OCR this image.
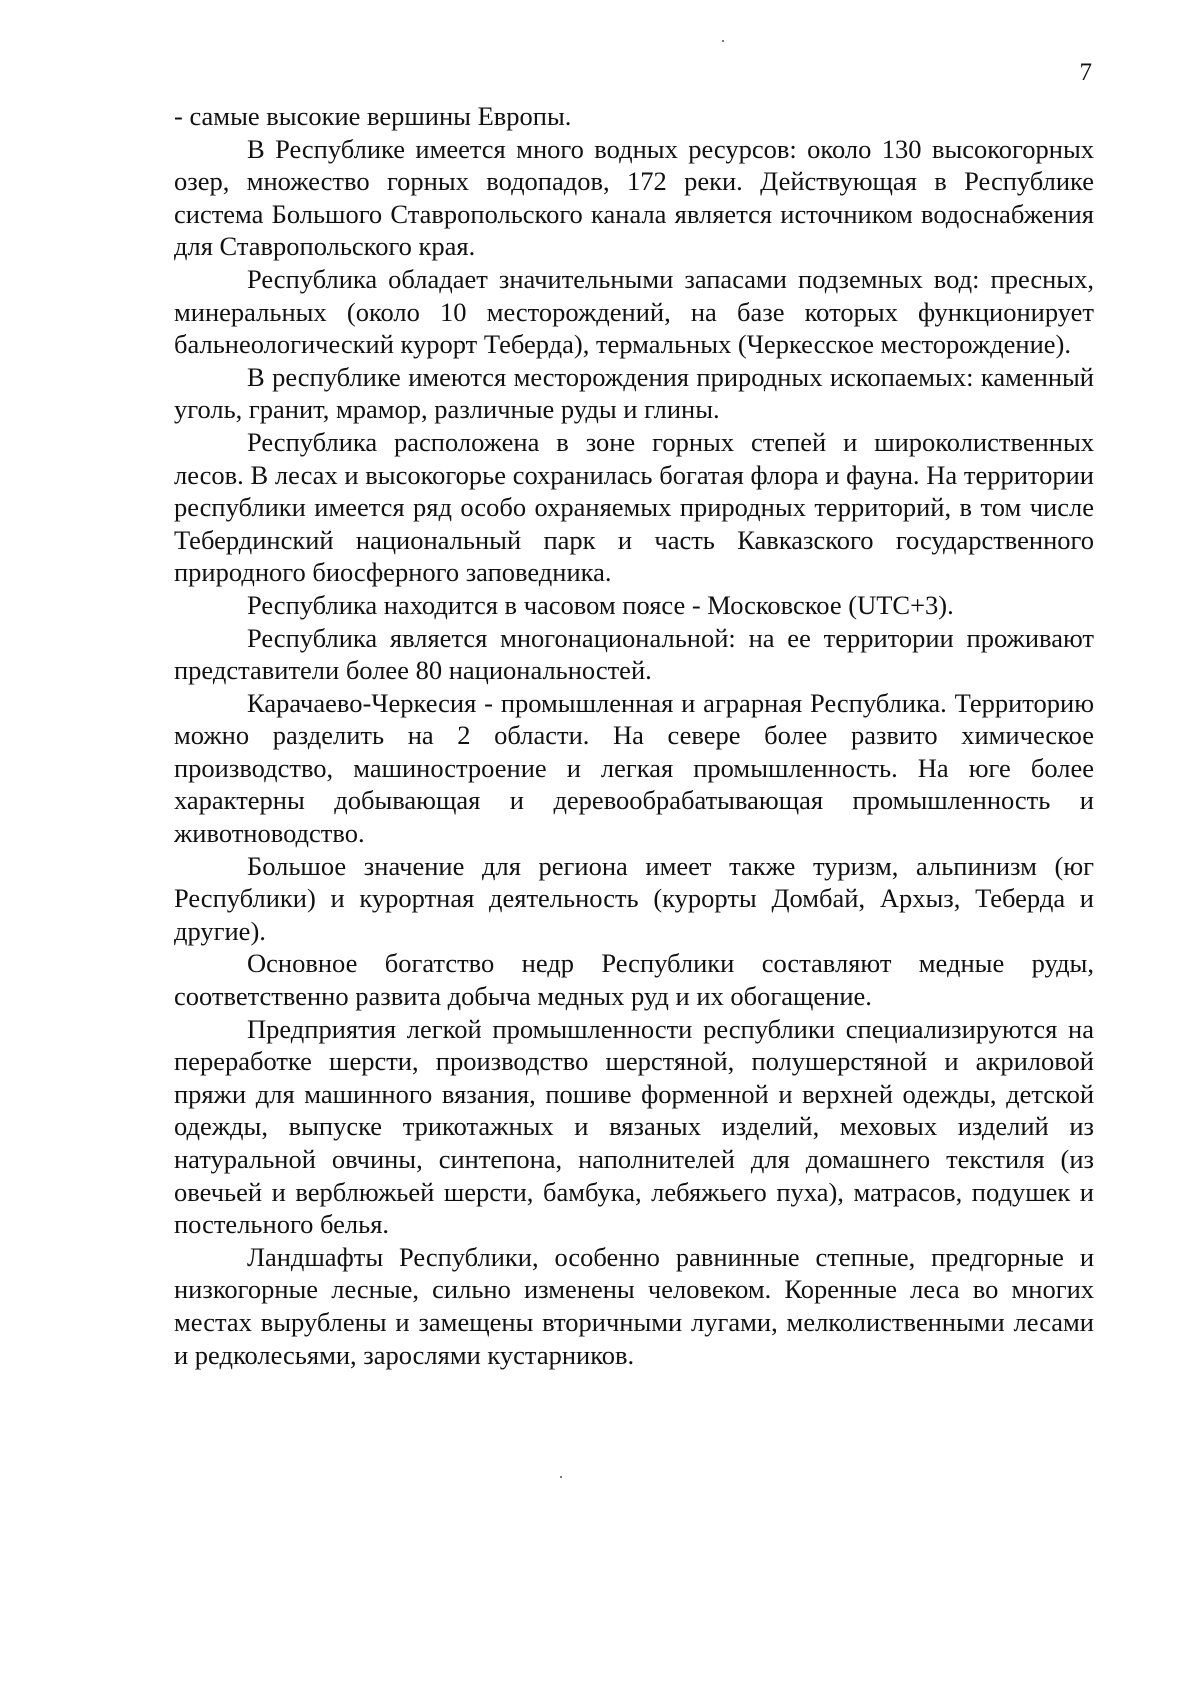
7

- самые высокие вершины Европы.

В Республике имеется много водных ресурсов: около 130 высокогорных озер, множество горных водопадов, 172 реки. Действующая в Республике система Большого Ставропольского канала является источником водоснабжения для Ставропольского края.

Республика обладает значительными запасами подземных вод: пресных, минеральных (около 10 месторождений, на базе которых функционирует бальнеологический курорт Теберда), термальных (Черкесское месторождение).

В республике имеются месторождения природных ископаемых: каменный уголь, гранит, мрамор, различные руды и глины.

Республика расположена в зоне горных степей и широколиственных лесов. В лесах и высокогорье сохранилась богатая флора и фауна. На территории республики имеется ряд особо охраняемых природных территорий, в том числе Тебердинский национальный парк и часть Кавказского государственного природного биосферного заповедника.

Республика находится в часовом поясе - Московское (UTC+3).

Республика является многонациональной: на ее территории проживают представители более 80 национальностей.

Карачаево-Черкесия - промышленная и аграрная Республика. Территорию можно разделить на 2 области. На севере более развито химическое производство, машиностроение и легкая промышленность. На юге более характерны добывающая и деревообрабатывающая промышленность и животноводство.

Большое значение для региона имеет также туризм, альпинизм (юг Республики) и курортная деятельность (курорты Домбай, Архыз, Теберда и другие).

Основное богатство недр Республики составляют медные руды, соответственно развита добыча медных руд и их обогащение.

Предприятия легкой промышленности республики специализируются на переработке шерсти, производство шерстяной, полушерстяной и акриловой пряжи для машинного вязания, пошиве форменной и верхней одежды, детской одежды, выпуске трикотажных и вязаных изделий, меховых изделий из натуральной овчины, синтепона, наполнителей для домашнего текстиля (из овечьей и верблюжьей шерсти, бамбука, лебяжьего пуха), матрасов, подушек и постельного белья.

Ландшафты Республики, особенно равнинные степные, предгорные и низкогорные лесные, сильно изменены человеком. Коренные леса во многих местах вырублены и замещены вторичными лугами, мелколиственными лесами и редколесьями, зарослями кустарников.
